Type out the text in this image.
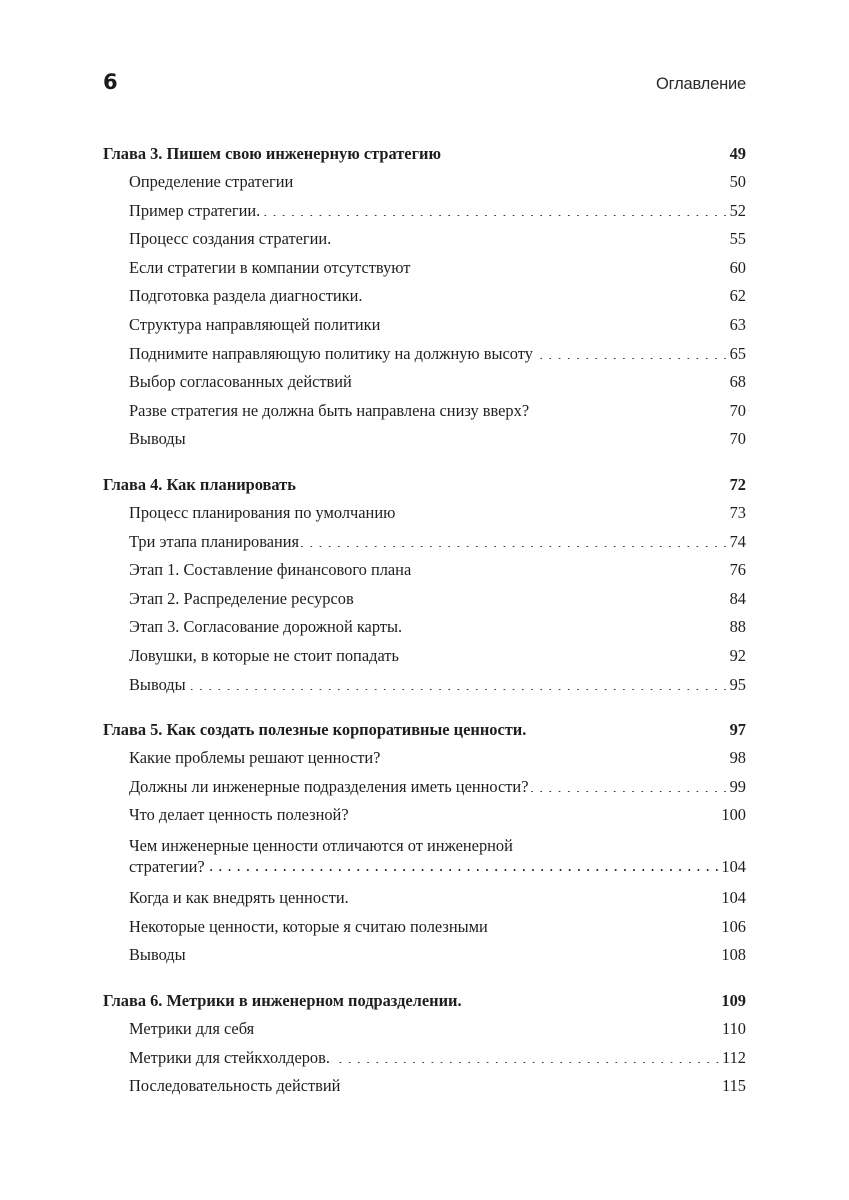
6	Оглавление
Глава 3. Пишем свою инженерную стратегию . . .	49
Определение стратегии . . .	50
Пример стратегии. . . .	52
Процесс создания стратегии. . . .	55
Если стратегии в компании отсутствуют . . .	60
Подготовка раздела диагностики. . . .	62
Структура направляющей политики . . .	63
Поднимите направляющую политику на должную высоту . . .	65
Выбор согласованных действий . . .	68
Разве стратегия не должна быть направлена снизу вверх? . . .	70
Выводы . . .	70
Глава 4. Как планировать . . .	72
Процесс планирования по умолчанию . . .	73
Три этапа планирования . . .	74
Этап 1. Составление финансового плана . . .	76
Этап 2. Распределение ресурсов . . .	84
Этап 3. Согласование дорожной карты. . . .	88
Ловушки, в которые не стоит попадать . . .	92
Выводы . . .	95
Глава 5. Как создать полезные корпоративные ценности. . . .	97
Какие проблемы решают ценности? . . .	98
Должны ли инженерные подразделения иметь ценности? . . .	99
Что делает ценность полезной? . . .	100
Чем инженерные ценности отличаются от инженерной
стратегии? . . .	104
Когда и как внедрять ценности. . . .	104
Некоторые ценности, которые я считаю полезными . . .	106
Выводы . . .	108
Глава 6. Метрики в инженерном подразделении. . . .	109
Метрики для себя . . .	110
Метрики для стейкхолдеров. . . .	112
Последовательность действий . . .	115
